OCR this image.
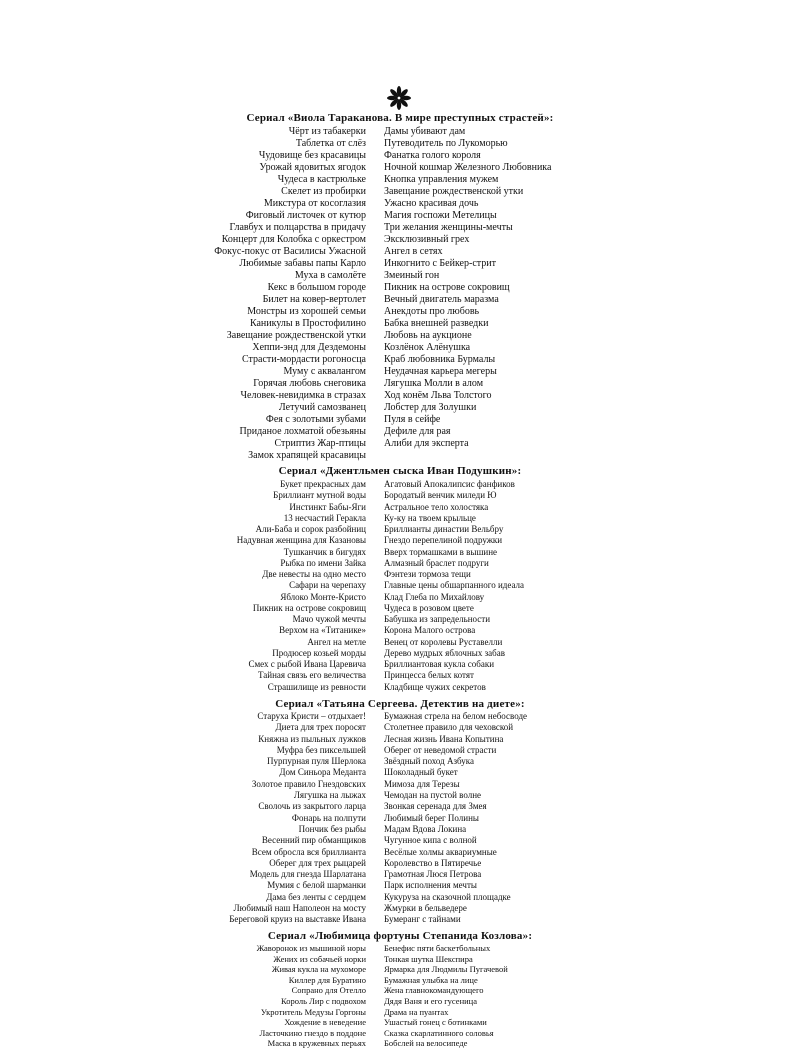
Сериал «Виола Тараканова. В мире преступных страстей»:
Чёрт из табакерки
Таблетка от слёз
Чудовище без красавицы
Урожай ядовитых ягодок
Чудеса в кастрюльке
Скелет из пробирки
Микстура от косоглазия
Фиговый листочек от кутюр
Главбух и полцарства в придачу
Концерт для Колобка с оркестром
Фокус-покус от Василисы Ужасной
Любимые забавы папы Карло
Муха в самолёте
Кекс в большом городе
Билет на ковер-вертолет
Монстры из хорошей семьи
Каникулы в Простофилино
Завещание рождественской утки
Хеппи-энд для Дездемоны
Страсти-мордасти рогоносца
Муму с аквалангом
Горячая любовь снеговика
Человек-невидимка в стразах
Летучий самозванец
Фея с золотыми зубами
Приданое лохматой обезьяны
Стриптиз Жар-птицы
Замок храпящей красавицы
Дамы убивают дам
Путеводитель по Лукоморью
Фанатка голого короля
Ночной кошмар Железного Любовника
Кнопка управления мужем
Завещание рождественской утки
Ужасно красивая дочь
Магия госпожи Метелицы
Три желания женщины-мечты
Эксклюзивный грех
Ангел в сетях
Инкогнито с Бейкер-стрит
Змеиный гон
Пикник на острове сокровищ
Вечный двигатель маразма
Анекдоты про любовь
Бабка внешней разведки
Любовь на аукционе
Козлёнок Алёнушка
Краб любовника Бурмалы
Неудачная карьера мегеры
Лягушка Молли в алом
Ход конём Льва Толстого
Лобстер для Золушки
Пуля в сейфе
Дефиле для рая
Алиби для эксперта
Сериал «Джентльмен сыска Иван Подушкин»:
Букет прекрасных дам
Бриллиант мутной воды
Инстинкт Бабы-Яги
13 несчастий Геракла
Али-Баба и сорок разбойниц
Надувная женщина для Казановы
Тушканчик в бигудях
Рыбка по имени Зайка
Две невесты на одно место
Сафари на черепаху
Яблоко Монте-Кристо
Пикник на острове сокровищ
Мачо чужой мечты
Верхом на «Титанике»
Ангел на метле
Продюсер козьей морды
Смех с рыбой Ивана Царевича
Тайная связь его величества
Страшилище из ревности
Агатовый Апокалипсис фанфиков
Бородатый венчик миледи Ю
Астральное тело холостяка
Ку-ку на твоем крыльце
Бриллианты династии Вельбру
Гнездо перепелиной подружки
Вверх тормашками в вышине
Алмазный браслет подруги
Фэнтези тормоза тещи
Главные цены обшарпанного идеала
Клад Глеба по Михайлову
Чудеса в розовом цвете
Бабушка из запредельности
Корона Малого острова
Венец от королевы Руставелли
Дерево мудрых яблочных забав
Бриллиантовая кукла собаки
Принцесса белых котят
Кладбище чужих секретов
Сериал «Татьяна Сергеева. Детектив на диете»:
Старуха Кристи – отдыхает!
Диета для трех поросят
Княжна из пыльных лужков
Муфра без пиксельшей
Пурпурная пуля Шерлока
Дом Синьора Меданта
Золотое правило Гнездовских
Лягушка на лыжах
Сволочь из закрытого ларца
Фонарь на полпути
Пончик без рыбы
Весенний пир обманщиков
Всем обросла вся бриллианта
Оберег для трех рыцарей
Модель для гнезда Шарлатана
Мумия с белой шарманки
Дама без ленты с сердцем
Любимый наш Наполеон на мосту
Береговой круиз на выставке Ивана
Бумажная стрела на белом небосводе
Столетнее правило для чеховской
Лесная жизнь Ивана Копытина
Оберег от неведомой страсти
Звёздный поход Азбука
Шоколадный букет
Мимоза для Терезы
Чемодан на пустой волне
Звонкая серенада для Змея
Любимый берег Полины
Мадам Вдова Локина
Чугунное кипа с волной
Весёлые холмы аквариумные
Королевство в Пятиречье
Грамотная Люся Петрова
Парк исполнения мечты
Кукуруза на сказочной площадке
Жмурки в бельведере
Бумеранг с тайнами
Сериал «Любимица фортуны Степанида Козлова»:
Жаворонок из мышиной норы
Жених из собачьей норки
Живая кукла на мухоморе
Киллер для Буратино
Сопрано для Отелло
Король Лир с подвохом
Укротитель Медузы Горгоны
Хождение в неведение
Ласточкино гнездо в поддоне
Маска в кружевных перьях
Бенефис пяти баскетбольных
Тонкая шутка Шекспира
Ярмарка для Людмилы Пугачевой
Бумажная улыбка на лице
Жена главнокомандующего
Дядя Ваня и его гусеница
Драма на пуантах
Ушастый гонец с ботинками
Сказка скарлатинного соловья
Бобслей на велосипеде
